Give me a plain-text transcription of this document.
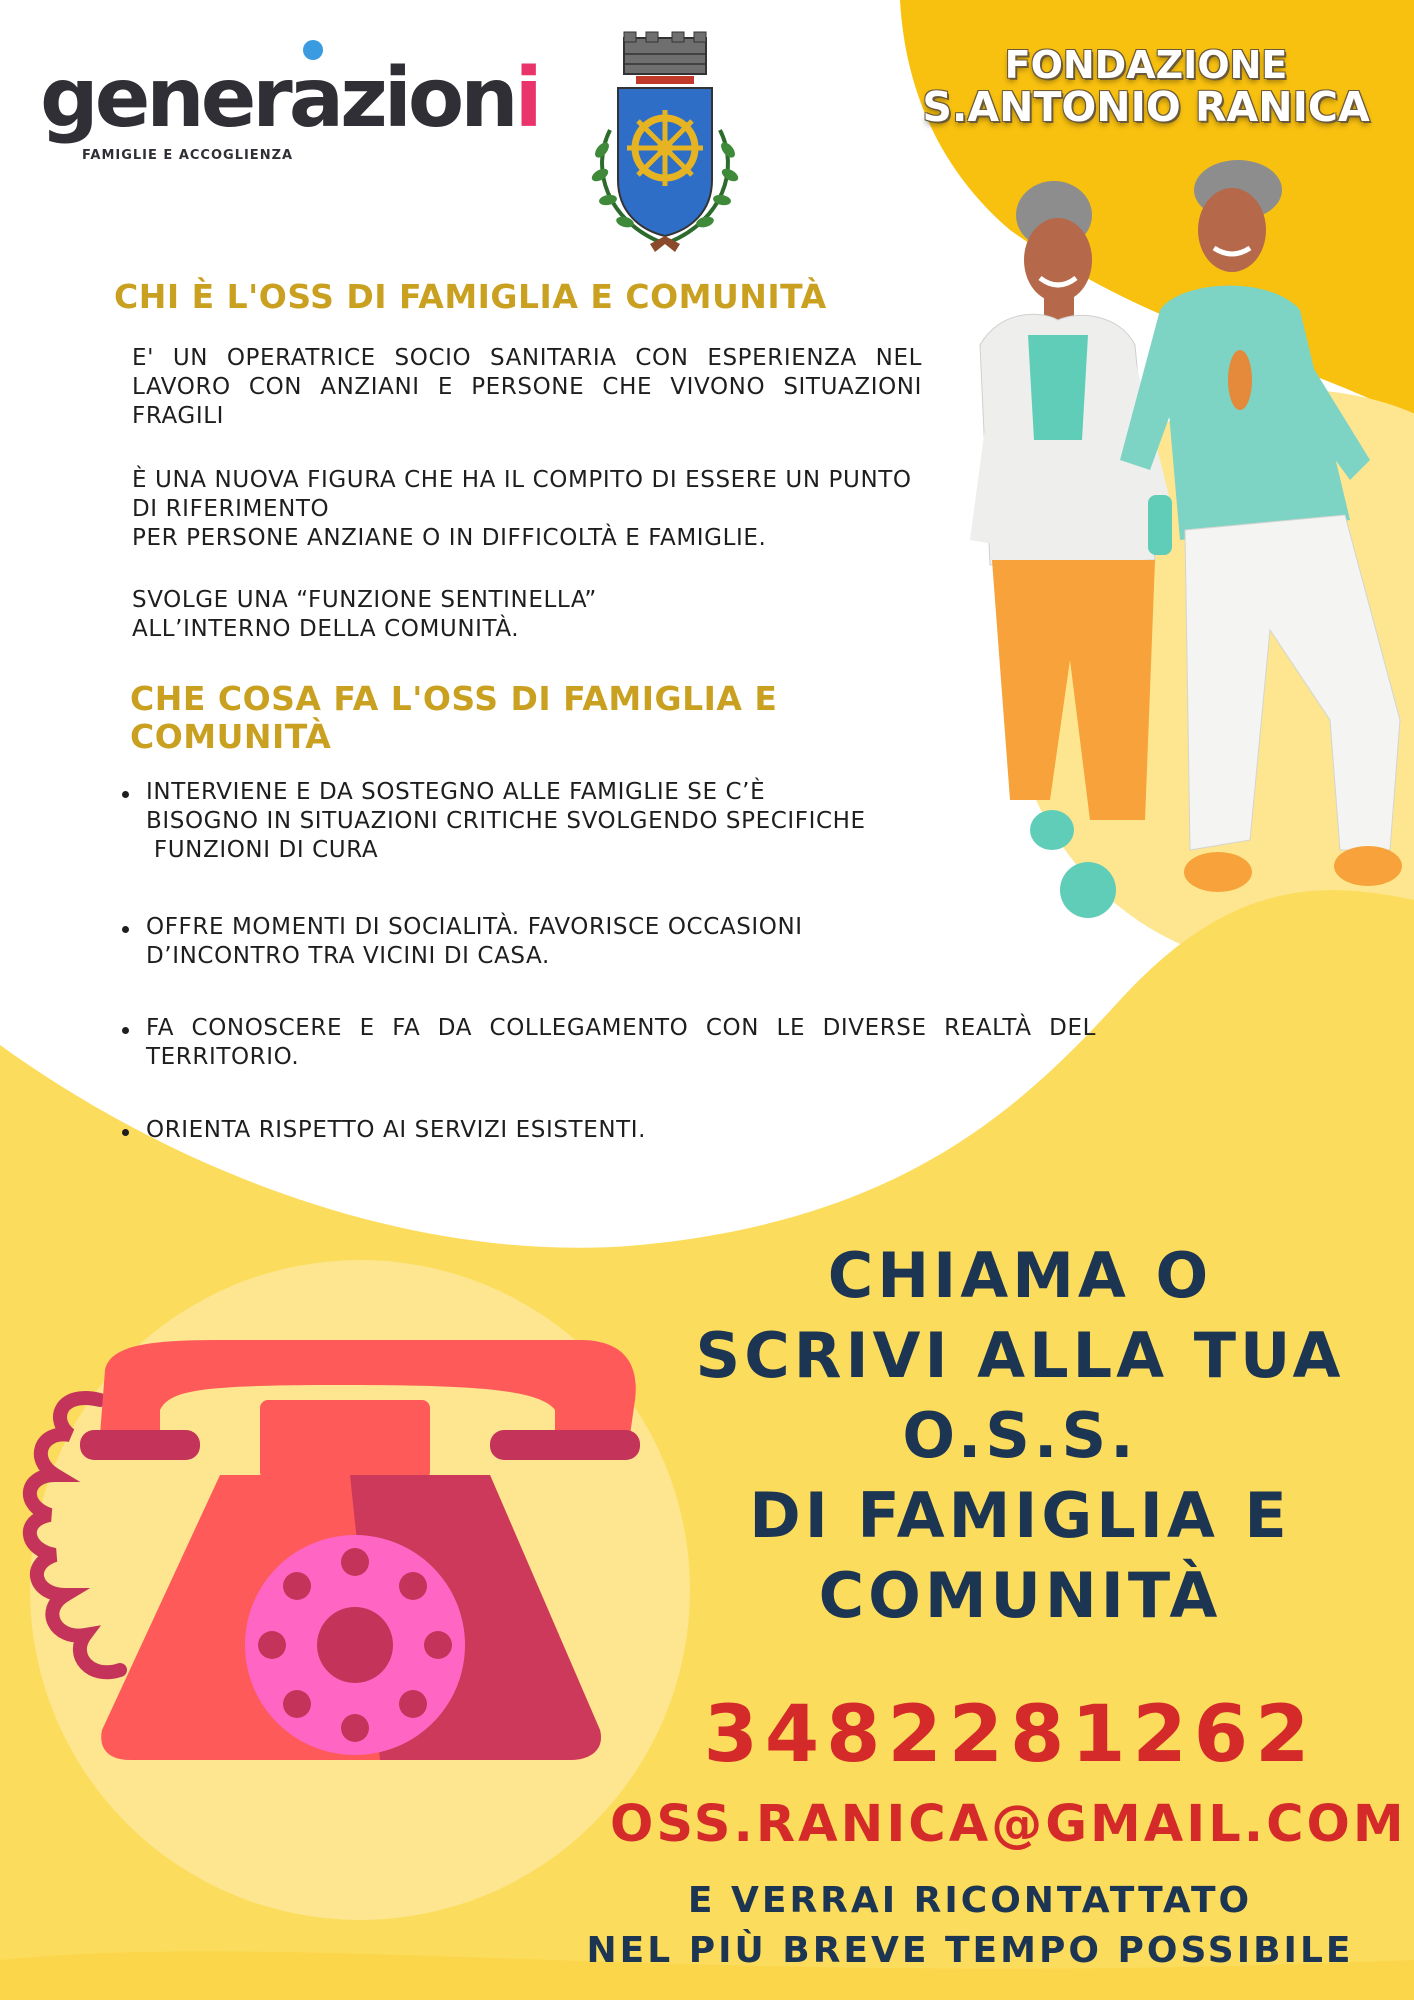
generazioni
FAMIGLIE E ACCOGLIENZA
FONDAZIONE
S.ANTONIO RANICA
CHI È L'OSS DI FAMIGLIA E COMUNITÀ
E' UN OPERATRICE SOCIO SANITARIA CON ESPERIENZA NEL LAVORO CON ANZIANI E PERSONE CHE VIVONO SITUAZIONI FRAGILI
È UNA NUOVA FIGURA CHE HA IL COMPITO DI ESSERE UN PUNTO DI RIFERIMENTO
PER PERSONE ANZIANE O IN DIFFICOLTÀ E FAMIGLIE.
SVOLGE UNA “FUNZIONE SENTINELLA”
ALL’INTERNO DELLA COMUNITÀ.
CHE COSA FA L'OSS DI FAMIGLIA E
COMUNITÀ
INTERVIENE E DA SOSTEGNO ALLE FAMIGLIE SE C’È
BISOGNO IN SITUAZIONI CRITICHE SVOLGENDO SPECIFICHE
FUNZIONI DI CURA
OFFRE MOMENTI DI SOCIALITÀ. FAVORISCE OCCASIONI
D’INCONTRO TRA VICINI DI CASA.
FA CONOSCERE E FA DA COLLEGAMENTO CON LE DIVERSE REALTÀ DEL TERRITORIO.
ORIENTA RISPETTO AI SERVIZI ESISTENTI.
CHIAMA O
SCRIVI ALLA TUA
O.S.S.
DI FAMIGLIA E
COMUNITÀ
3482281262
OSS.RANICA@GMAIL.COM
E VERRAI RICONTATTATO
NEL PIÙ BREVE TEMPO POSSIBILE
